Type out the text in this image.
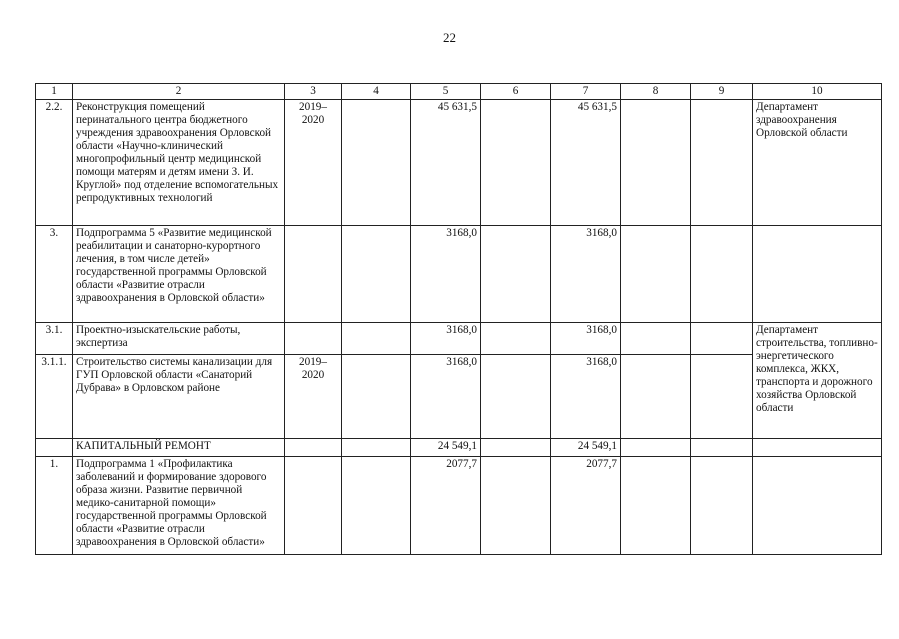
22
1	2	3	4	5	6	7	8	9	10
2.2.	Реконструкция помещений перинатального центра бюджетного учреждения здравоохранения Орловской области «Научно-клинический многопрофильный центр медицинской помощи матерям и детям имени З. И. Круглой» под отделение вспомогательных репродуктивных технологий	2019–2020		45 631,5		45 631,5			Департамент здравоохранения Орловской области
3.	Подпрограмма 5 «Развитие медицинской реабилитации и санаторно-курортного лечения, в том числе детей» государственной программы Орловской области «Развитие отрасли здравоохранения в Орловской области»			3168,0		3168,0			
3.1.	Проектно-изыскательские работы, экспертиза			3168,0		3168,0			Департамент строительства, топливно-энергетического комплекса, ЖКХ, транспорта и дорожного хозяйства Орловской области
3.1.1.	Строительство системы канализации для ГУП Орловской области «Санаторий Дубрава» в Орловском районе	2019–2020		3168,0		3168,0			
	КАПИТАЛЬНЫЙ РЕМОНТ			24 549,1		24 549,1			
1.	Подпрограмма 1 «Профилактика заболеваний и формирование здорового образа жизни. Развитие первичной медико-санитарной помощи» государственной программы Орловской области «Развитие отрасли здравоохранения в Орловской области»			2077,7		2077,7			
